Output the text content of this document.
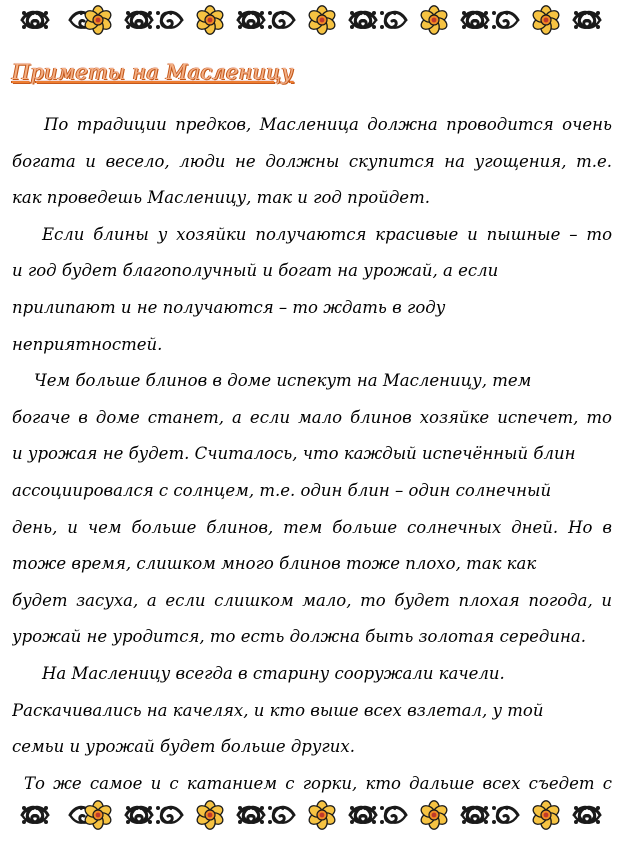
Приметы на Масленицу
По традиции предков, Масленица должна проводится очень
богата и весело, люди не должны скупится на угощения, т.е.
как проведешь Масленицу, так и год пройдет.
Если блины у хозяйки получаются красивые и пышные – то
и год будет благополучный и богат на урожай, а если
прилипают и не получаются – то ждать в году
неприятностей.
Чем больше блинов в доме испекут на Масленицу, тем
богаче в доме станет, а если мало блинов хозяйке испечет, то
и урожая не будет. Считалось, что каждый испечённый блин
ассоциировался с солнцем, т.е. один блин – один солнечный
день, и чем больше блинов, тем больше солнечных дней. Но в
тоже время, слишком много блинов тоже плохо, так как
будет засуха, а если слишком мало, то будет плохая погода, и
урожай не уродится, то есть должна быть золотая середина.
На Масленицу всегда в старину сооружали качели.
Раскачивались на качелях, и кто выше всех взлетал, у той
семьи и урожай будет больше других.
То же самое и с катанием с горки, кто дальше всех съедет с
